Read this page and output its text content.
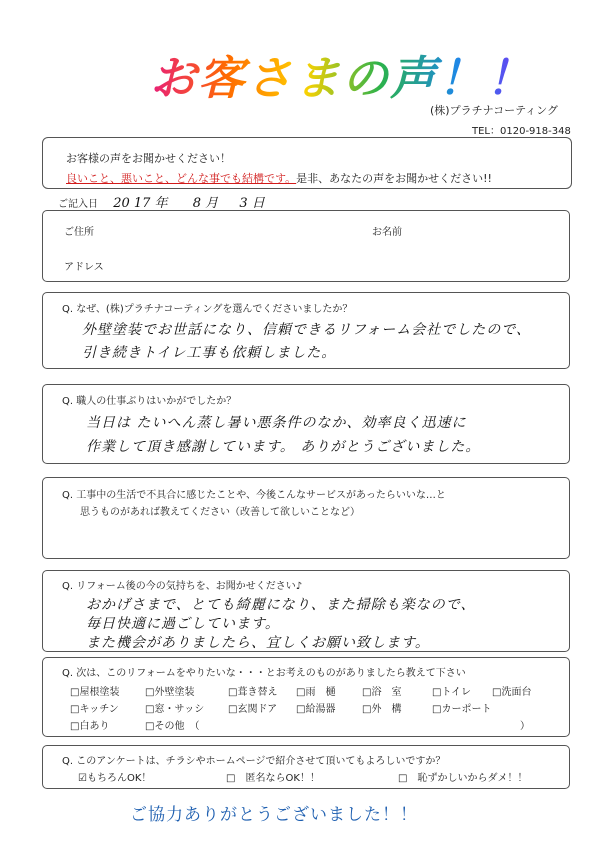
お客さまの声！！
(株)プラチナコーティング
TEL：0120-918-348
お客様の声をお聞かせください！
良いこと、悪いこと、どんな事でも結構です。是非、あなたの声をお聞かせください!!
ご記入日 20 17 年 8 月 3 日
ご住所	お名前
アドレス
Q. なぜ、(株)プラチナコーティングを選んでくださいましたか？
外壁塗装でお世話になり、信頼できるリフォーム会社でしたので、
引き続きトイレ工事も依頼しました。
Q. 職人の仕事ぶりはいかがでしたか？
当日は たいへん蒸し暑い悪条件のなか、効率良く迅速に
作業して頂き感謝しています。 ありがとうございました。
Q. 工事中の生活で不具合に感じたことや、今後こんなサービスがあったらいいな…と
思うものがあれば教えてください（改善して欲しいことなど）
Q. リフォーム後の今の気持ちを、お聞かせください♪
おかげさまで、とても綺麗になり、また掃除も楽なので、
毎日快適に過ごしています。
また機会がありましたら、宜しくお願い致します。
Q. 次は、このリフォームをやりたいな・・・とお考えのものがありましたら教えて下さい
□屋根塗装	□外壁塗装	□葺き替え □雨　樋	□浴　室	□トイレ □洗面台
□キッチン	□窓・サッシ □玄関ドア □給湯器	□外　構	□カーポート
□白あり	□その他　（	）
Q. このアンケートは、チラシやホームページで紹介させて頂いてもよろしいですか？
☑もちろんOK！	□　匿名ならOK！！	□　恥ずかしいからダメ！！
ご協力ありがとうございました！！
